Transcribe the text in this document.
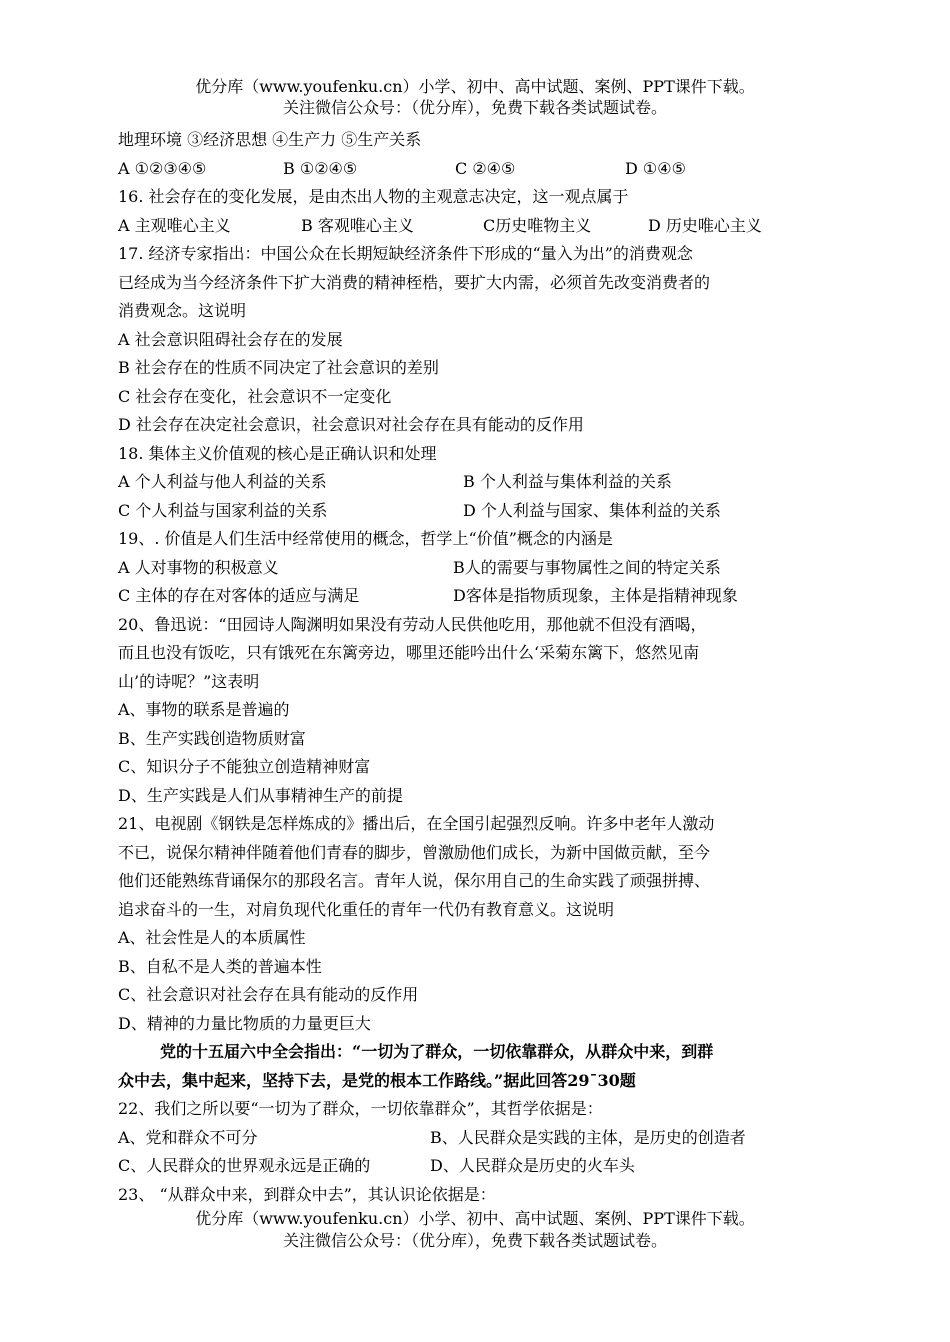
优分库（www.youfenku.cn）小学、初中、高中试题、案例、PPT课件下载。
关注微信公众号：（优分库），免费下载各类试题试卷。
地理环境 ③经济思想 ④生产力 ⑤生产关系
A ①②③④⑤	B ①②④⑤	C ②④⑤	D ①④⑤
16. 社会存在的变化发展，是由杰出人物的主观意志决定，这一观点属于
A 主观唯心主义	B 客观唯心主义	C历史唯物主义	D 历史唯心主义
17. 经济专家指出：中国公众在长期短缺经济条件下形成的“量入为出”的消费观念
已经成为当今经济条件下扩大消费的精神桎梏，要扩大内需，必须首先改变消费者的
消费观念。这说明
A 社会意识阻碍社会存在的发展
B 社会存在的性质不同决定了社会意识的差别
C 社会存在变化，社会意识不一定变化
D 社会存在决定社会意识，社会意识对社会存在具有能动的反作用
18. 集体主义价值观的核心是正确认识和处理
A 个人利益与他人利益的关系	B 个人利益与集体利益的关系
C 个人利益与国家利益的关系	D 个人利益与国家、集体利益的关系
19、. 价值是人们生活中经常使用的概念，哲学上“价值”概念的内涵是
A 人对事物的积极意义	B人的需要与事物属性之间的特定关系
C 主体的存在对客体的适应与满足	D客体是指物质现象，主体是指精神现象
20、鲁迅说：“田园诗人陶渊明如果没有劳动人民供他吃用，那他就不但没有酒喝，
而且也没有饭吃，只有饿死在东篱旁边，哪里还能吟出什么‘采菊东篱下，悠然见南
山’的诗呢？”这表明
A、事物的联系是普遍的
B、生产实践创造物质财富
C、知识分子不能独立创造精神财富
D、生产实践是人们从事精神生产的前提
21、电视剧《钢铁是怎样炼成的》播出后，在全国引起强烈反响。许多中老年人激动
不已，说保尔精神伴随着他们青春的脚步，曾激励他们成长，为新中国做贡献，至今
他们还能熟练背诵保尔的那段名言。青年人说，保尔用自己的生命实践了顽强拼搏、
追求奋斗的一生，对肩负现代化重任的青年一代仍有教育意义。这说明
A、社会性是人的本质属性
B、自私不是人类的普遍本性
C、社会意识对社会存在具有能动的反作用
D、精神的力量比物质的力量更巨大
党的十五届六中全会指出：“一切为了群众，一切依靠群众，从群众中来，到群
众中去，集中起来，坚持下去，是党的根本工作路线。”据此回答29¯30题
22、我们之所以要“一切为了群众，一切依靠群众”，其哲学依据是：
A、党和群众不可分	B、人民群众是实践的主体，是历史的创造者
C、人民群众的世界观永远是正确的	D、人民群众是历史的火车头
23、 “从群众中来，到群众中去”，其认识论依据是：
优分库（www.youfenku.cn）小学、初中、高中试题、案例、PPT课件下载。
关注微信公众号：（优分库），免费下载各类试题试卷。
